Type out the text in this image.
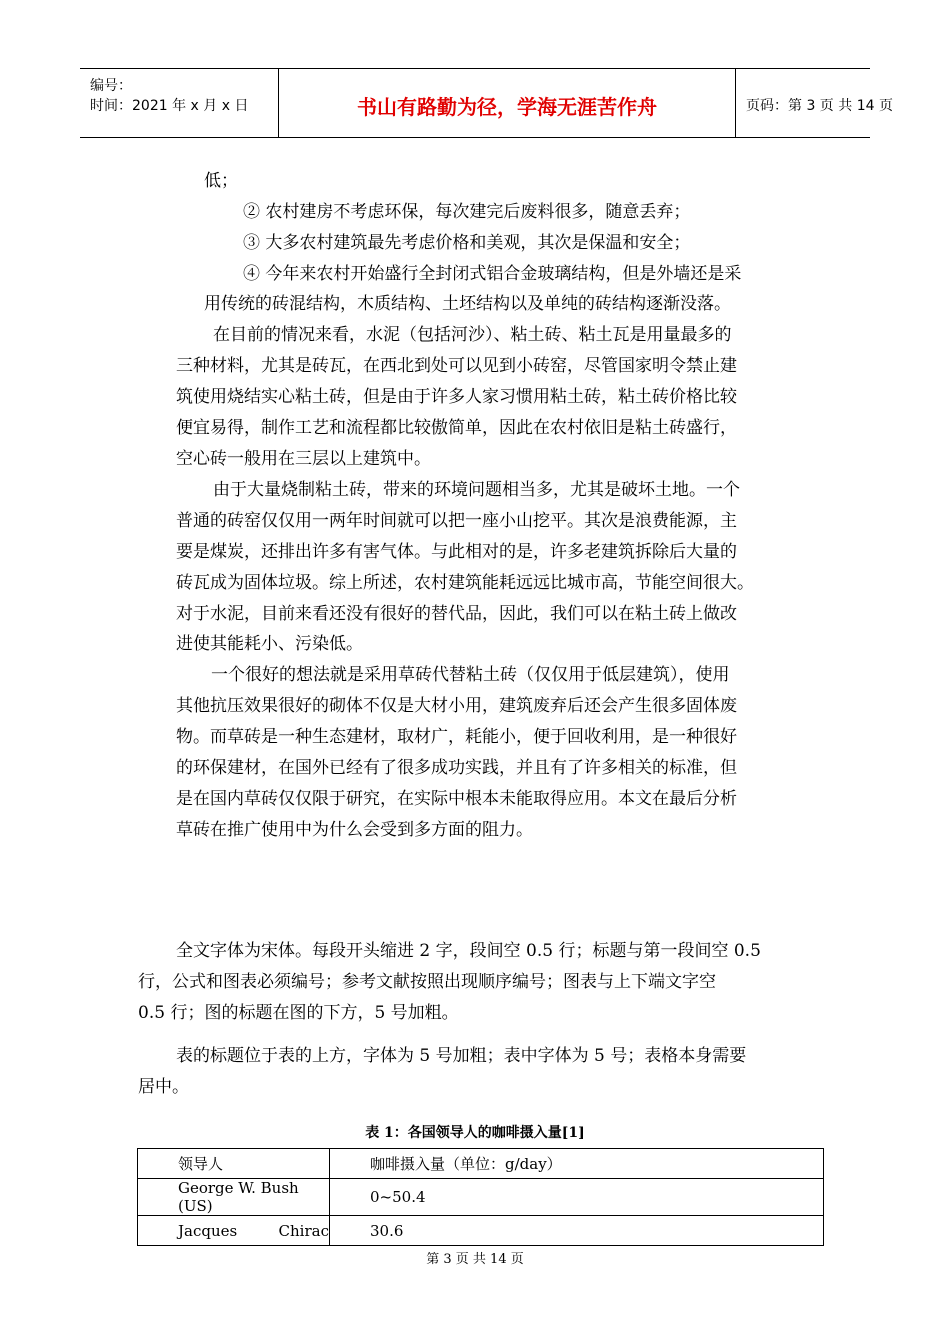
编号：
时间：2021 年 x 月 x 日	书山有路勤为径，学海无涯苦作舟	页码：第 3 页 共 14 页
低；
② 农村建房不考虑环保，每次建完后废料很多，随意丢弃；
③ 大多农村建筑最先考虑价格和美观，其次是保温和安全；
④ 今年来农村开始盛行全封闭式铝合金玻璃结构，但是外墙还是采
用传统的砖混结构，木质结构、土坯结构以及单纯的砖结构逐渐没落。
在目前的情况来看，水泥（包括河沙）、粘土砖、粘土瓦是用量最多的
三种材料，尤其是砖瓦，在西北到处可以见到小砖窑，尽管国家明令禁止建
筑使用烧结实心粘土砖，但是由于许多人家习惯用粘土砖，粘土砖价格比较
便宜易得，制作工艺和流程都比较傲简单，因此在农村依旧是粘土砖盛行，
空心砖一般用在三层以上建筑中。
由于大量烧制粘土砖，带来的环境问题相当多，尤其是破坏土地。一个
普通的砖窑仅仅用一两年时间就可以把一座小山挖平。其次是浪费能源，主
要是煤炭，还排出许多有害气体。与此相对的是，许多老建筑拆除后大量的
砖瓦成为固体垃圾。综上所述，农村建筑能耗远远比城市高，节能空间很大。
对于水泥，目前来看还没有很好的替代品，因此，我们可以在粘土砖上做改
进使其能耗小、污染低。
一个很好的想法就是采用草砖代替粘土砖（仅仅用于低层建筑），使用
其他抗压效果很好的砌体不仅是大材小用，建筑废弃后还会产生很多固体废
物。而草砖是一种生态建材，取材广，耗能小，便于回收利用，是一种很好
的环保建材，在国外已经有了很多成功实践，并且有了许多相关的标准，但
是在国内草砖仅仅限于研究，在实际中根本未能取得应用。本文在最后分析
草砖在推广使用中为什么会受到多方面的阻力。
全文字体为宋体。每段开头缩进 2 字，段间空 0.5 行；标题与第一段间空 0.5
行，公式和图表必须编号；参考文献按照出现顺序编号；图表与上下端文字空
0.5 行；图的标题在图的下方，5 号加粗。
表的标题位于表的上方，字体为 5 号加粗；表中字体为 5 号；表格本身需要
居中。
表 1：各国领导人的咖啡摄入量[1]
领导人	咖啡摄入量（单位：g/day）

George W. Bush (US)	0~50.4

Jacques Chirac	30.6
第 3 页 共 14 页
